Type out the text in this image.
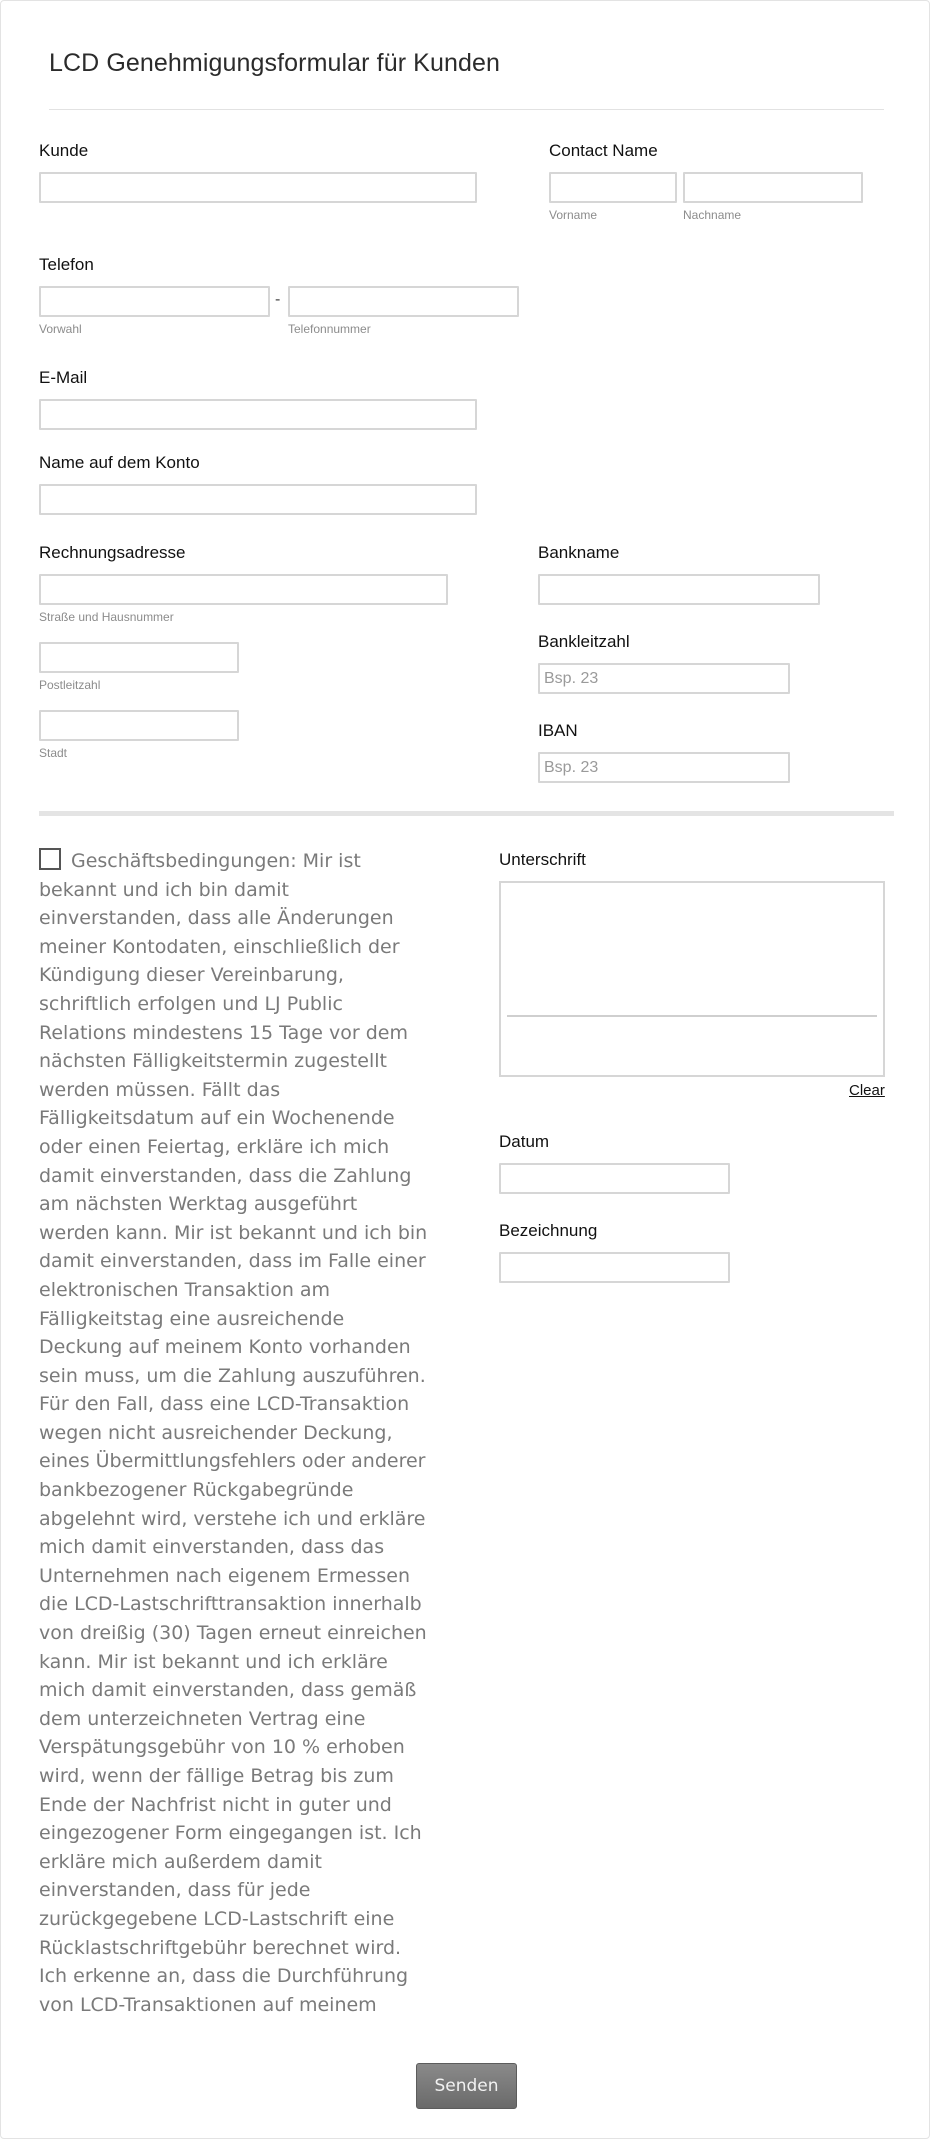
LCD Genehmigungsformular für Kunden
Kunde	Contact Name
Vorname	Nachname
Telefon
-
Vorwahl	Telefonnummer
E-Mail
Name auf dem Konto
Rechnungsadresse
Straße und Hausnummer
Postleitzahl
Stadt
Bankname
Bankleitzahl
Bsp. 23
IBAN
Bsp. 23
Geschäftsbedingungen: Mir ist bekannt und ich bin damit einverstanden, dass alle Änderungen meiner Kontodaten, einschließlich der Kündigung dieser Vereinbarung, schriftlich erfolgen und LJ Public Relations mindestens 15 Tage vor dem nächsten Fälligkeitstermin zugestellt werden müssen. Fällt das Fälligkeitsdatum auf ein Wochenende oder einen Feiertag, erkläre ich mich damit einverstanden, dass die Zahlung am nächsten Werktag ausgeführt werden kann. Mir ist bekannt und ich bin damit einverstanden, dass im Falle einer elektronischen Transaktion am Fälligkeitstag eine ausreichende Deckung auf meinem Konto vorhanden sein muss, um die Zahlung auszuführen. Für den Fall, dass eine LCD-Transaktion wegen nicht ausreichender Deckung, eines Übermittlungsfehlers oder anderer bankbezogener Rückgabegründe abgelehnt wird, verstehe ich und erkläre mich damit einverstanden, dass das Unternehmen nach eigenem Ermessen die LCD-Lastschrifttransaktion innerhalb von dreißig (30) Tagen erneut einreichen kann. Mir ist bekannt und ich erkläre mich damit einverstanden, dass gemäß dem unterzeichneten Vertrag eine Verspätungsgebühr von 10 % erhoben wird, wenn der fällige Betrag bis zum Ende der Nachfrist nicht in guter und eingezogener Form eingegangen ist. Ich erkläre mich außerdem damit einverstanden, dass für jede zurückgegebene LCD-Lastschrift eine Rücklastschriftgebühr berechnet wird. Ich erkenne an, dass die Durchführung von LCD-Transaktionen auf meinem
Unterschrift
Clear
Datum
Bezeichnung
Senden
